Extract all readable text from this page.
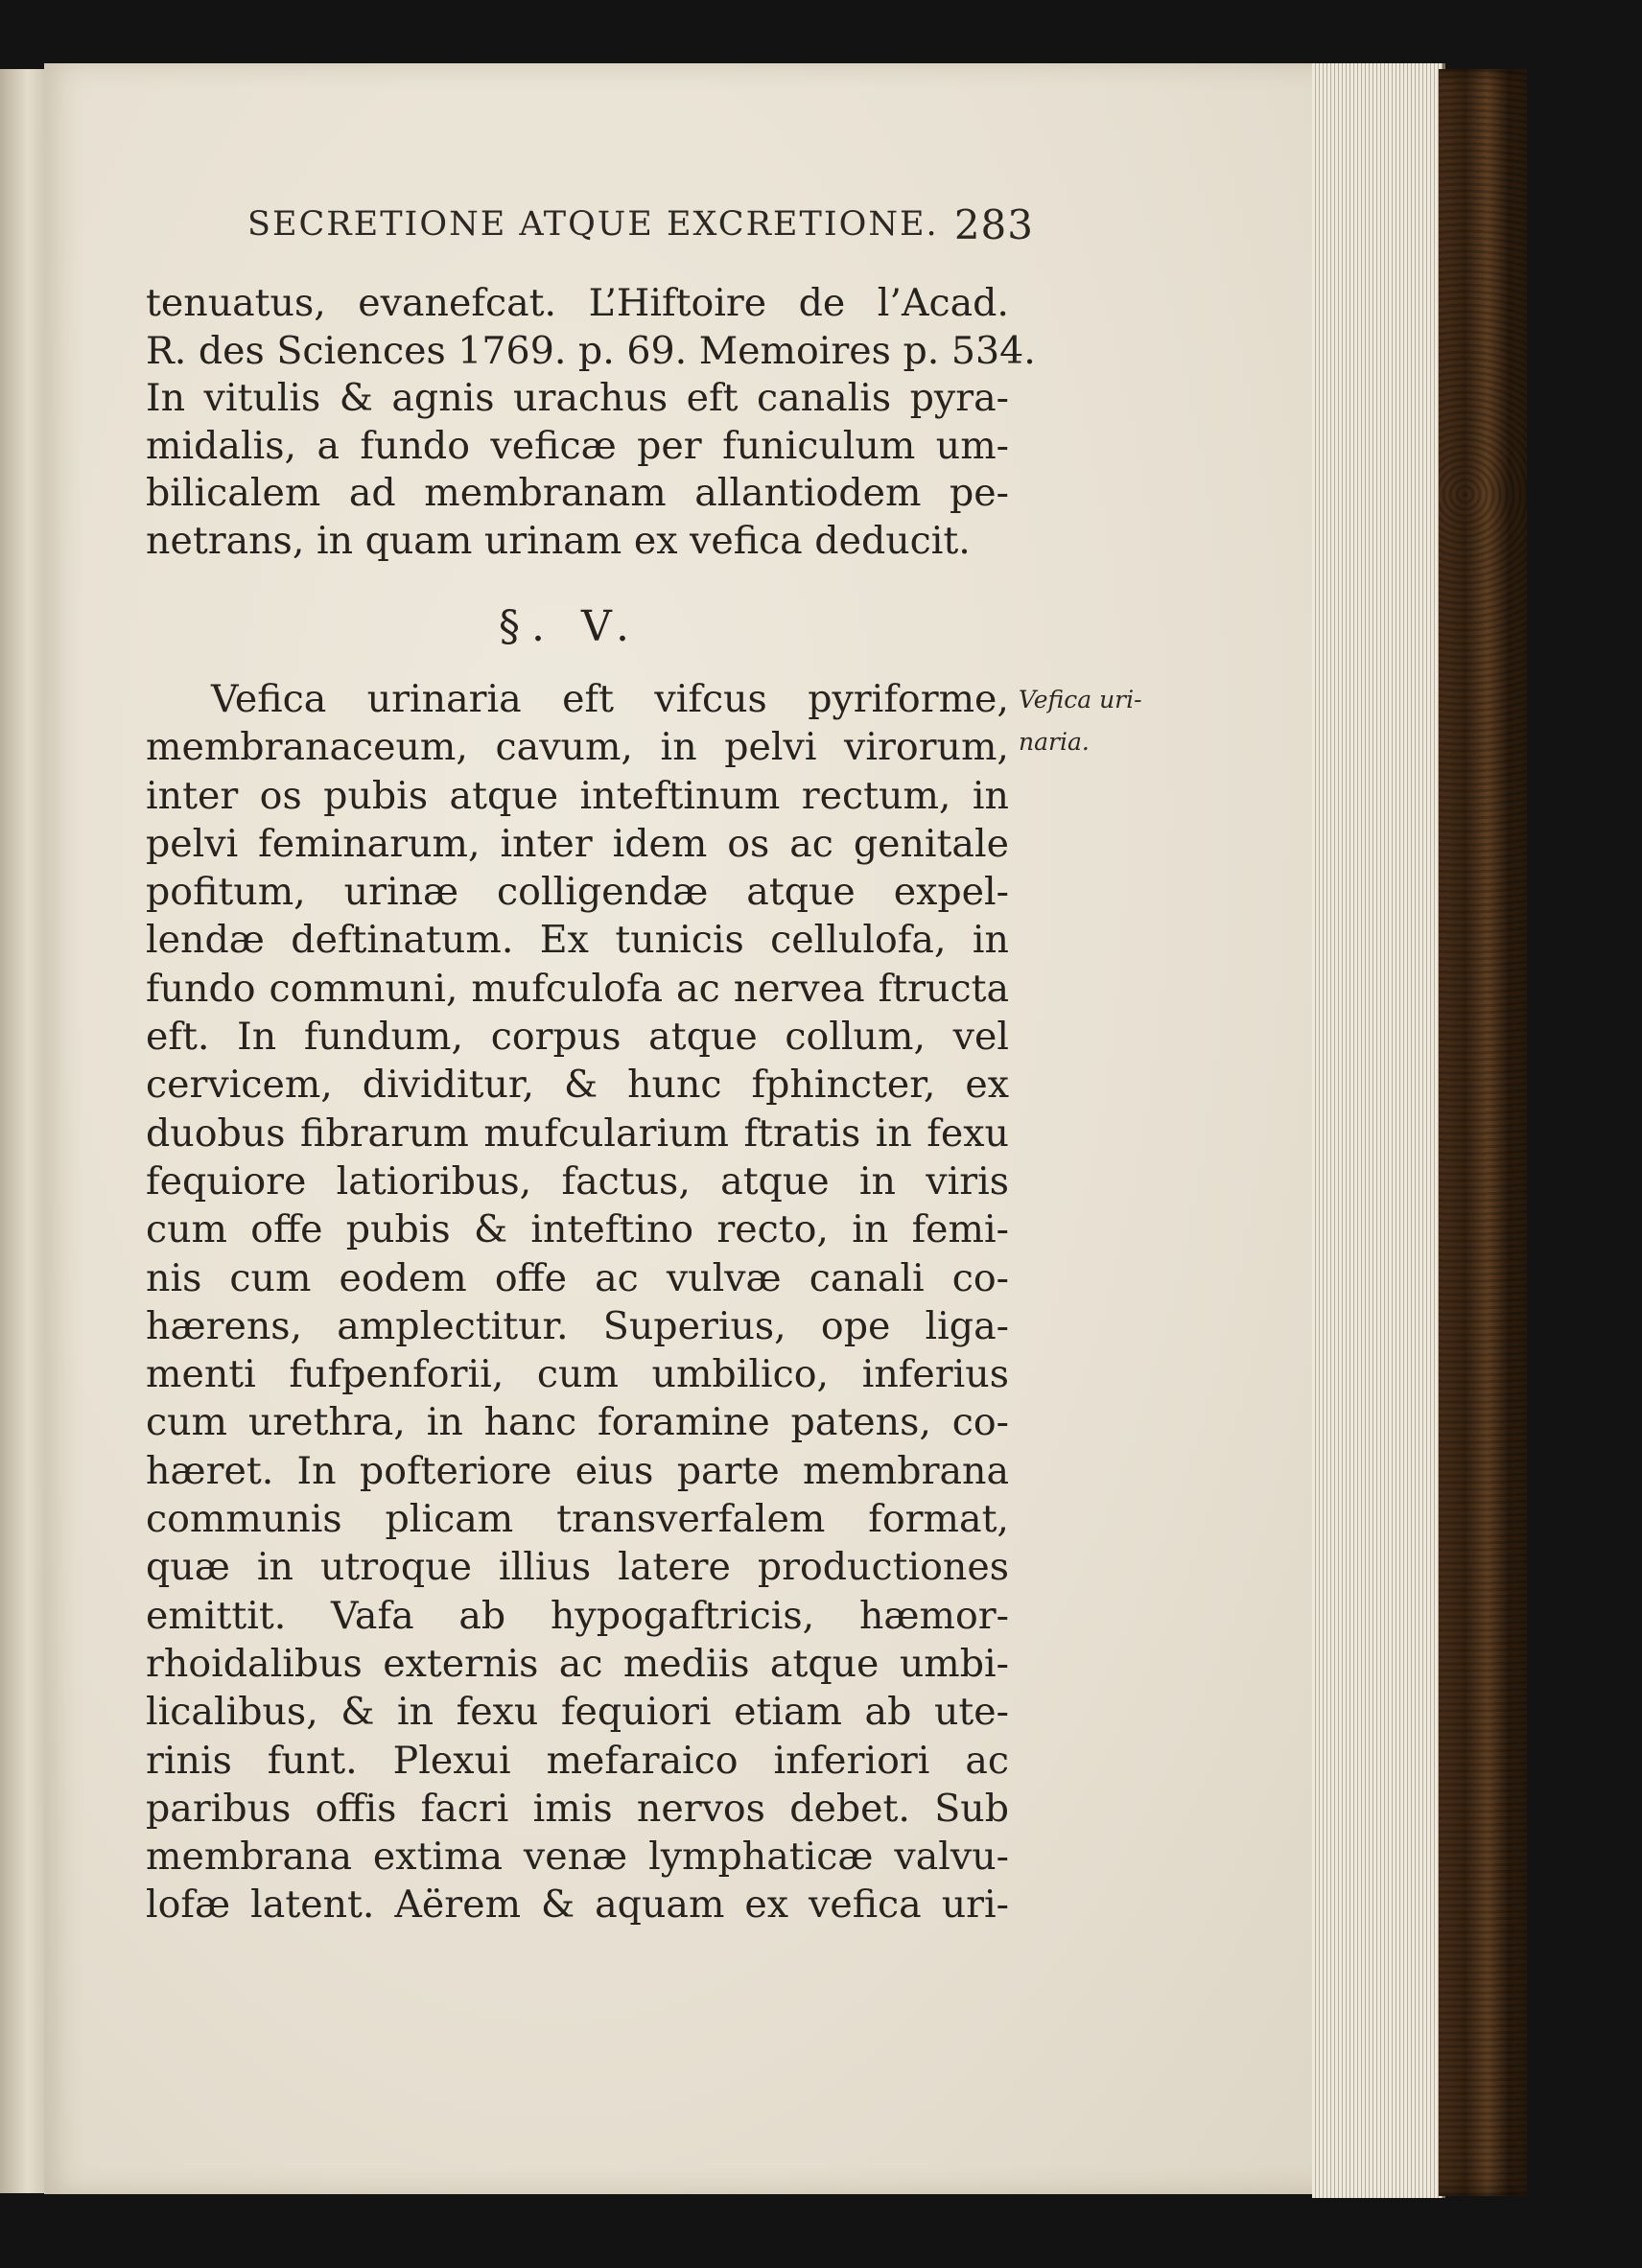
SECRETIONE ATQUE EXCRETIONE. 283
tenuatus, evanefcat. L’Hiftoire de l’Acad.
R. des Sciences 1769. p. 69. Memoires p. 534.
In vitulis & agnis urachus eft canalis pyra-
midalis, a fundo veficæ per funiculum um-
bilicalem ad membranam allantiodem pe-
netrans, in quam urinam ex vefica deducit.
§. V.
Vefica uri-
naria.
Vefica urinaria eft vifcus pyriforme,
membranaceum, cavum, in pelvi virorum,
inter os pubis atque inteftinum rectum, in
pelvi feminarum, inter idem os ac genitale
pofitum, urinæ colligendæ atque expel-
lendæ deftinatum. Ex tunicis cellulofa, in
fundo communi, mufculofa ac nervea ftructa
eft. In fundum, corpus atque collum, vel
cervicem, dividitur, & hunc fphincter, ex
duobus fibrarum mufcularium ftratis in fexu
fequiore latioribus, factus, atque in viris
cum offe pubis & inteftino recto, in femi-
nis cum eodem offe ac vulvæ canali co-
hærens, amplectitur. Superius, ope liga-
menti fufpenforii, cum umbilico, inferius
cum urethra, in hanc foramine patens, co-
hæret. In pofteriore eius parte membrana
communis plicam transverfalem format,
quæ in utroque illius latere productiones
emittit. Vafa ab hypogaftricis, hæmor-
rhoidalibus externis ac mediis atque umbi-
licalibus, & in fexu fequiori etiam ab ute-
rinis funt. Plexui mefaraico inferiori ac
paribus offis facri imis nervos debet. Sub
membrana extima venæ lymphaticæ valvu-
lofæ latent. Aërem & aquam ex vefica uri-
